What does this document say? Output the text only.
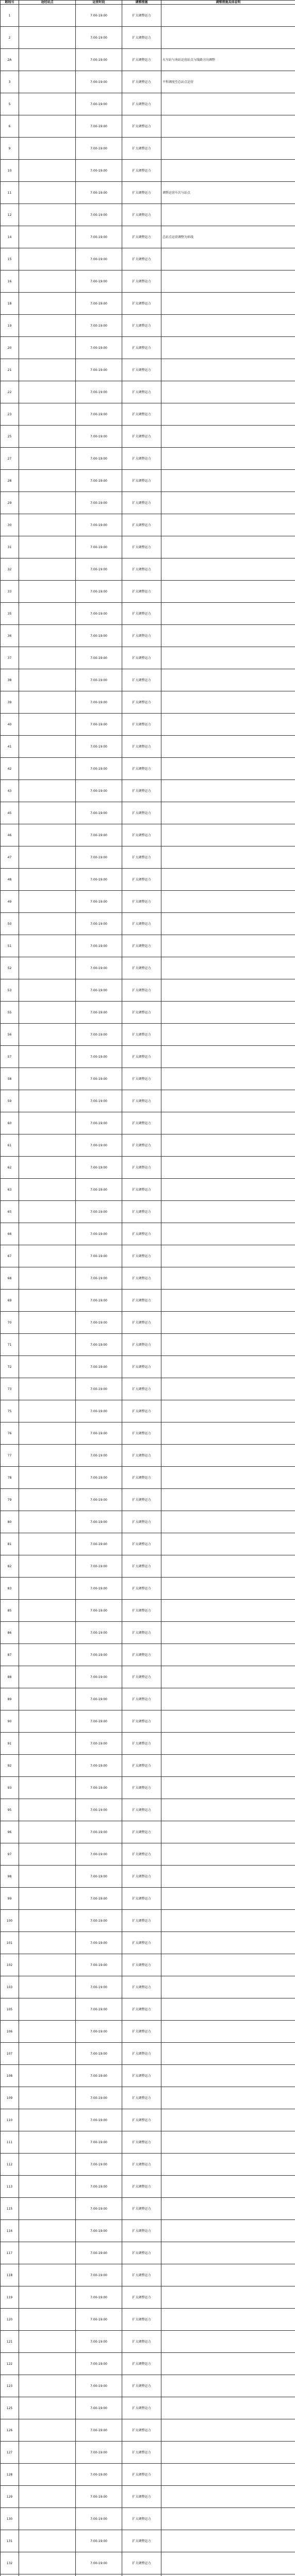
路线号	途经站点	运营时段	调整措施	调整措施具体说明
1		7:00-19:00	扩大调整运力	
2		7:00-19:00	扩大调整运力	
2A		7:00-19:00	扩大调整运力	火车站与南站运营站点与线路方向调整
3		7:00-19:00	扩大调整运力	平和调度至总站点运营
5		7:00-19:00	扩大调整运力	
6		7:00-19:00	扩大调整运力	
9		7:00-19:00	扩大调整运力	
10		7:00-19:00	扩大调整运力	
11		7:00-19:00	扩大调整运力	调整运营车次与站点
12		7:00-19:00	扩大调整运力	
14		7:00-19:00	扩大调整运力	总站点运营调整为环线
15		7:00-19:00	扩大调整运力	
16		7:00-19:00	扩大调整运力	
18		7:00-19:00	扩大调整运力	
19		7:00-19:00	扩大调整运力	
20		7:00-19:00	扩大调整运力	
21		7:00-19:00	扩大调整运力	
22		7:00-19:00	扩大调整运力	
23		7:00-19:00	扩大调整运力	
25		7:00-19:00	扩大调整运力	
27		7:00-19:00	扩大调整运力	
28		7:00-19:00	扩大调整运力	
29		7:00-19:00	扩大调整运力	
30		7:00-19:00	扩大调整运力	
31		7:00-19:00	扩大调整运力	
32		7:00-19:00	扩大调整运力	
33		7:00-19:00	扩大调整运力	
35		7:00-19:00	扩大调整运力	
36		7:00-19:00	扩大调整运力	
37		7:00-19:00	扩大调整运力	
38		7:00-19:00	扩大调整运力	
39		7:00-19:00	扩大调整运力	
40		7:00-19:00	扩大调整运力	
41		7:00-19:00	扩大调整运力	
42		7:00-19:00	扩大调整运力	
43		7:00-19:00	扩大调整运力	
45		7:00-19:00	扩大调整运力	
46		7:00-19:00	扩大调整运力	
47		7:00-19:00	扩大调整运力	
48		7:00-19:00	扩大调整运力	
49		7:00-19:00	扩大调整运力	
50		7:00-19:00	扩大调整运力	
51		7:00-19:00	扩大调整运力	
52		7:00-19:00	扩大调整运力	
53		7:00-19:00	扩大调整运力	
55		7:00-19:00	扩大调整运力	
56		7:00-19:00	扩大调整运力	
57		7:00-19:00	扩大调整运力	
58		7:00-19:00	扩大调整运力	
59		7:00-19:00	扩大调整运力	
60		7:00-19:00	扩大调整运力	
61		7:00-19:00	扩大调整运力	
62		7:00-19:00	扩大调整运力	
63		7:00-19:00	扩大调整运力	
65		7:00-19:00	扩大调整运力	
66		7:00-19:00	扩大调整运力	
67		7:00-19:00	扩大调整运力	
68		7:00-19:00	扩大调整运力	
69		7:00-19:00	扩大调整运力	
70		7:00-19:00	扩大调整运力	
71		7:00-19:00	扩大调整运力	
72		7:00-19:00	扩大调整运力	
73		7:00-19:00	扩大调整运力	
75		7:00-19:00	扩大调整运力	
76		7:00-19:00	扩大调整运力	
77		7:00-19:00	扩大调整运力	
78		7:00-19:00	扩大调整运力	
79		7:00-19:00	扩大调整运力	
80		7:00-19:00	扩大调整运力	
81		7:00-19:00	扩大调整运力	
82		7:00-19:00	扩大调整运力	
83		7:00-19:00	扩大调整运力	
85		7:00-19:00	扩大调整运力	
86		7:00-19:00	扩大调整运力	
87		7:00-19:00	扩大调整运力	
88		7:00-19:00	扩大调整运力	
89		7:00-19:00	扩大调整运力	
90		7:00-19:00	扩大调整运力	
91		7:00-19:00	扩大调整运力	
92		7:00-19:00	扩大调整运力	
93		7:00-19:00	扩大调整运力	
95		7:00-19:00	扩大调整运力	
96		7:00-19:00	扩大调整运力	
97		7:00-19:00	扩大调整运力	
98		7:00-19:00	扩大调整运力	
99		7:00-19:00	扩大调整运力	
100		7:00-19:00	扩大调整运力	
101		7:00-19:00	扩大调整运力	
102		7:00-19:00	扩大调整运力	
103		7:00-19:00	扩大调整运力	
105		7:00-19:00	扩大调整运力	
106		7:00-19:00	扩大调整运力	
107		7:00-19:00	扩大调整运力	
108		7:00-19:00	扩大调整运力	
109		7:00-19:00	扩大调整运力	
110		7:00-19:00	扩大调整运力	
111		7:00-19:00	扩大调整运力	
112		7:00-19:00	扩大调整运力	
113		7:00-19:00	扩大调整运力	
115		7:00-19:00	扩大调整运力	
116		7:00-19:00	扩大调整运力	
117		7:00-19:00	扩大调整运力	
118		7:00-19:00	扩大调整运力	
119		7:00-19:00	扩大调整运力	
120		7:00-19:00	扩大调整运力	
121		7:00-19:00	扩大调整运力	
122		7:00-19:00	扩大调整运力	
123		7:00-19:00	扩大调整运力	
125		7:00-19:00	扩大调整运力	
126		7:00-19:00	扩大调整运力	
127		7:00-19:00	扩大调整运力	
128		7:00-19:00	扩大调整运力	
129		7:00-19:00	扩大调整运力	
130		7:00-19:00	扩大调整运力	
131		7:00-19:00	扩大调整运力	
132		7:00-19:00	扩大调整运力	
